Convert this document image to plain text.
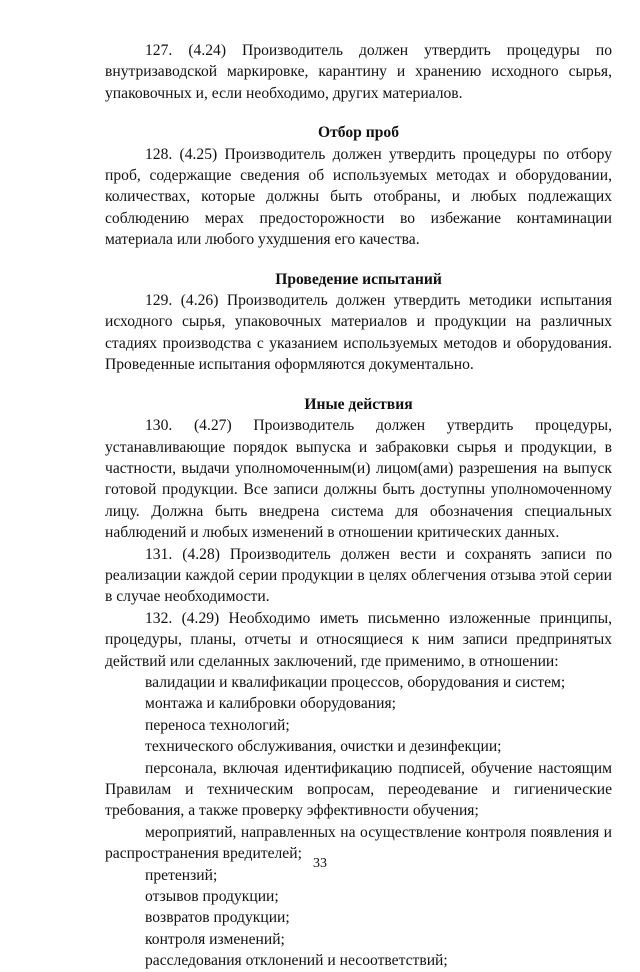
127. (4.24) Производитель должен утвердить процедуры по внутризаводской маркировке, карантину и хранению исходного сырья, упаковочных и, если необходимо, других материалов.

Отбор проб

128. (4.25) Производитель должен утвердить процедуры по отбору проб, содержащие сведения об используемых методах и оборудовании, количествах, которые должны быть отобраны, и любых подлежащих соблюдению мерах предосторожности во избежание контаминации материала или любого ухудшения его качества.

Проведение испытаний

129. (4.26) Производитель должен утвердить методики испытания исходного сырья, упаковочных материалов и продукции на различных стадиях производства с указанием используемых методов и оборудования. Проведенные испытания оформляются документально.

Иные действия

130. (4.27) Производитель должен утвердить процедуры, устанавливающие порядок выпуска и забраковки сырья и продукции, в частности, выдачи уполномоченным(и) лицом(ами) разрешения на выпуск готовой продукции. Все записи должны быть доступны уполномоченному лицу. Должна быть внедрена система для обозначения специальных наблюдений и любых изменений в отношении критических данных.

131. (4.28) Производитель должен вести и сохранять записи по реализации каждой серии продукции в целях облегчения отзыва этой серии в случае необходимости.

132. (4.29) Необходимо иметь письменно изложенные принципы, процедуры, планы, отчеты и относящиеся к ним записи предпринятых действий или сделанных заключений, где применимо, в отношении:

валидации и квалификации процессов, оборудования и систем;

монтажа и калибровки оборудования;

переноса технологий;

технического обслуживания, очистки и дезинфекции;

персонала, включая идентификацию подписей, обучение настоящим Правилам и техническим вопросам, переодевание и гигиенические требования, а также проверку эффективности обучения;

мероприятий, направленных на осуществление контроля появления и распространения вредителей;

претензий;

отзывов продукции;

возвратов продукции;

контроля изменений;

расследования отклонений и несоответствий;

33
